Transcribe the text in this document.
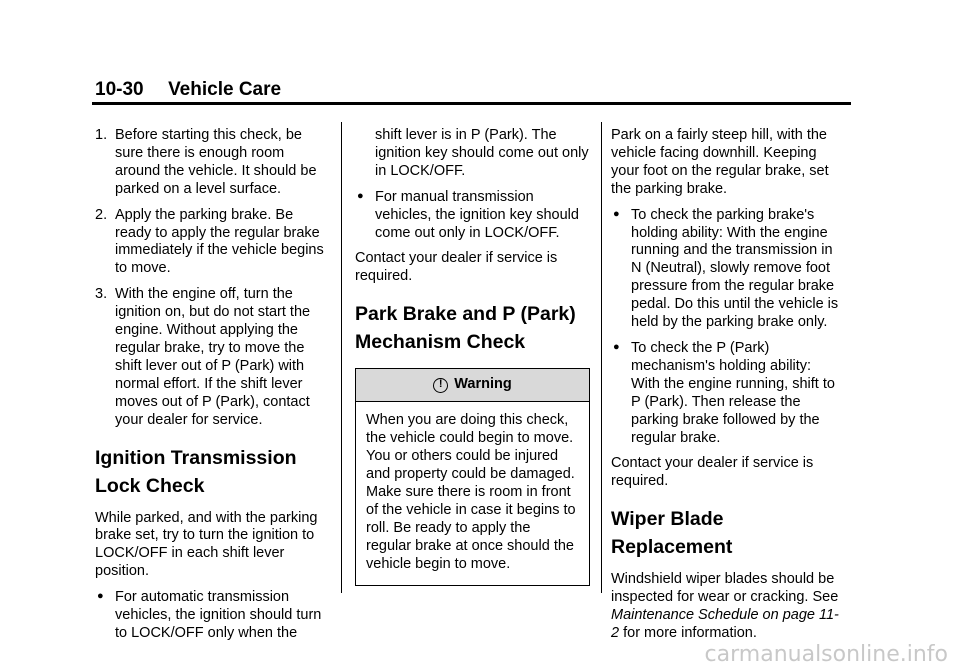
10-30 Vehicle Care

1. Before starting this check, be sure there is enough room around the vehicle. It should be parked on a level surface.

2. Apply the parking brake. Be ready to apply the regular brake immediately if the vehicle begins to move.

3. With the engine off, turn the ignition on, but do not start the engine. Without applying the regular brake, try to move the shift lever out of P (Park) with normal effort. If the shift lever moves out of P (Park), contact your dealer for service.

Ignition Transmission
Lock Check

While parked, and with the parking brake set, try to turn the ignition to LOCK/OFF in each shift lever position.

● For automatic transmission vehicles, the ignition should turn to LOCK/OFF only when the

shift lever is in P (Park). The ignition key should come out only in LOCK/OFF.

● For manual transmission vehicles, the ignition key should come out only in LOCK/OFF.

Contact your dealer if service is required.

Park Brake and P (Park)
Mechanism Check
! Warning
When you are doing this check, the vehicle could begin to move. You or others could be injured and property could be damaged. Make sure there is room in front of the vehicle in case it begins to roll. Be ready to apply the regular brake at once should the vehicle begin to move.

Park on a fairly steep hill, with the vehicle facing downhill. Keeping your foot on the regular brake, set the parking brake.

● To check the parking brake's holding ability: With the engine running and the transmission in N (Neutral), slowly remove foot pressure from the regular brake pedal. Do this until the vehicle is held by the parking brake only.

● To check the P (Park) mechanism's holding ability: With the engine running, shift to P (Park). Then release the parking brake followed by the regular brake.

Contact your dealer if service is required.

Wiper Blade Replacement

Windshield wiper blades should be inspected for wear or cracking. See Maintenance Schedule on page 11-2 for more information.

carmanualsonline.info
